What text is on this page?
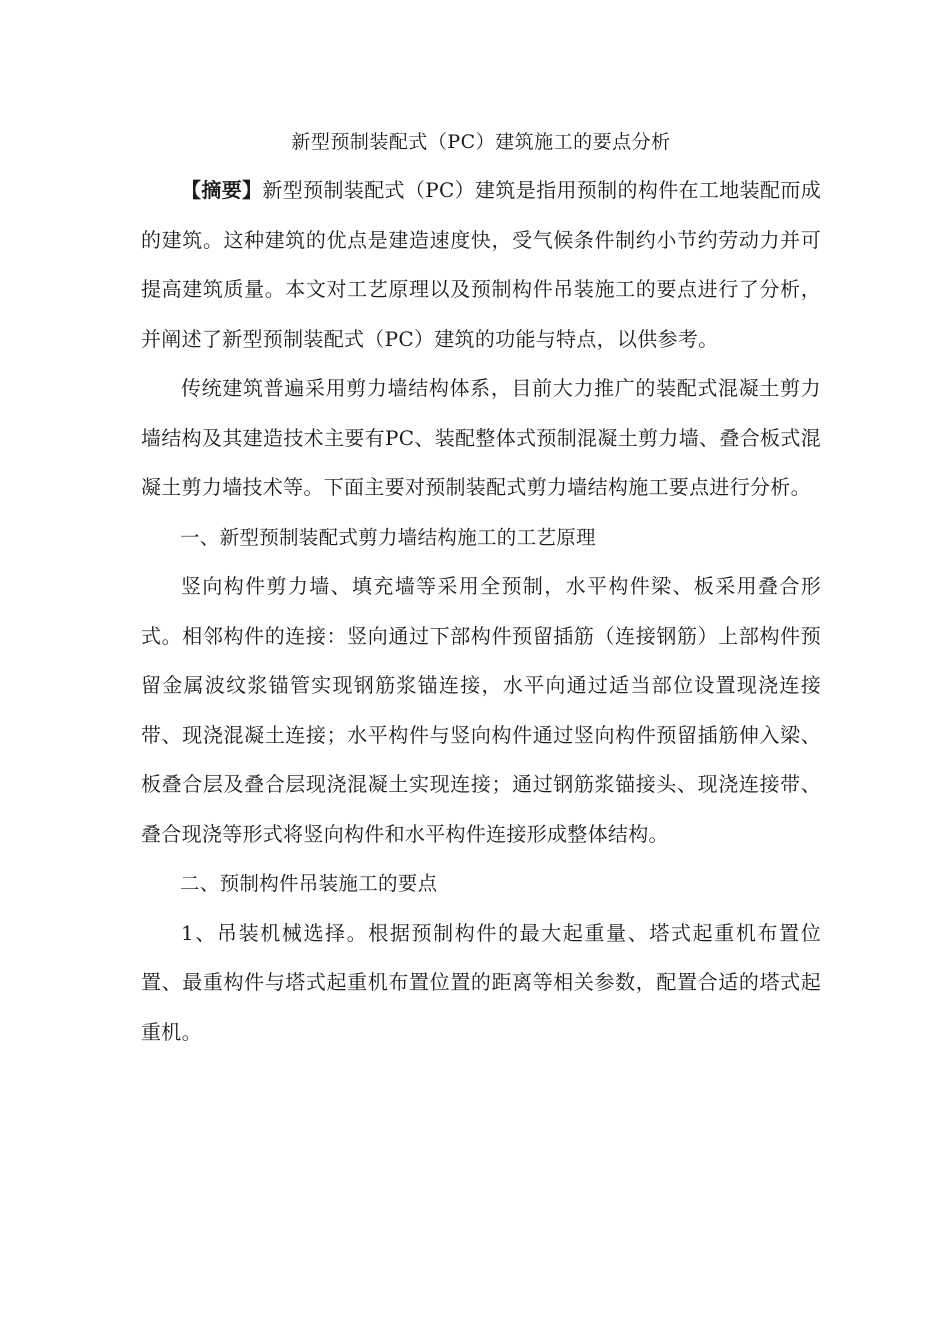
新型预制装配式（PC）建筑施工的要点分析

【摘要】新型预制装配式（PC）建筑是指用预制的构件在工地装配而成的建筑。这种建筑的优点是建造速度快，受气候条件制约小节约劳动力并可提高建筑质量。本文对工艺原理以及预制构件吊装施工的要点进行了分析，并阐述了新型预制装配式（PC）建筑的功能与特点，以供参考。

传统建筑普遍采用剪力墙结构体系，目前大力推广的装配式混凝土剪力墙结构及其建造技术主要有PC、装配整体式预制混凝土剪力墙、叠合板式混凝土剪力墙技术等。下面主要对预制装配式剪力墙结构施工要点进行分析。

一、新型预制装配式剪力墙结构施工的工艺原理

竖向构件剪力墙、填充墙等采用全预制，水平构件梁、板采用叠合形式。相邻构件的连接：竖向通过下部构件预留插筋（连接钢筋）上部构件预留金属波纹浆锚管实现钢筋浆锚连接，水平向通过适当部位设置现浇连接带、现浇混凝土连接；水平构件与竖向构件通过竖向构件预留插筋伸入梁、板叠合层及叠合层现浇混凝土实现连接；通过钢筋浆锚接头、现浇连接带、叠合现浇等形式将竖向构件和水平构件连接形成整体结构。

二、预制构件吊装施工的要点

1、吊装机械选择。根据预制构件的最大起重量、塔式起重机布置位置、最重构件与塔式起重机布置位置的距离等相关参数，配置合适的塔式起重机。
